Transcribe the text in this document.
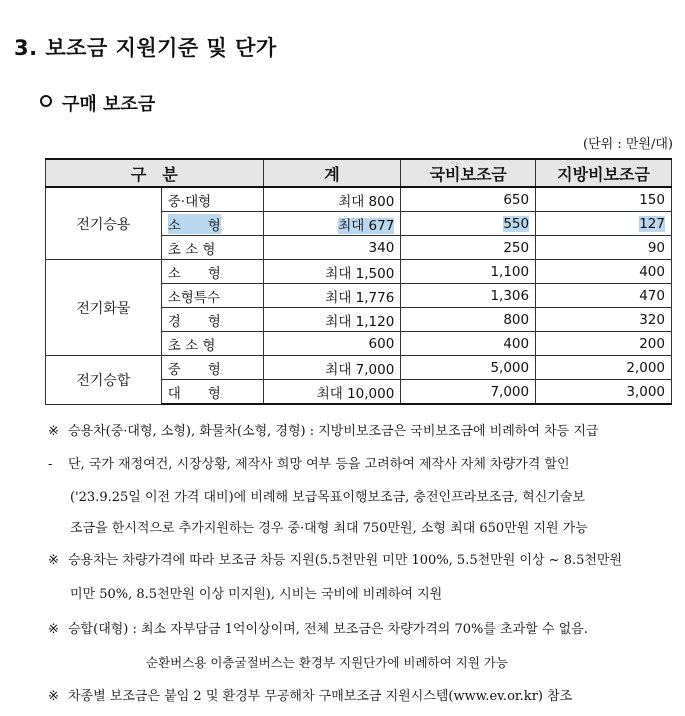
3. 보조금 지원기준 및 단가
구매 보조금
(단위 : 만원/대)
구　분		계	국비보조금	지방비보조금
전기승용	중·대형	최대 800	650	150
	소　　형	최대 677	550	127
	초 소 형	340	250	90
전기화물	소　　형	최대 1,500	1,100	400
	소형특수	최대 1,776	1,306	470
	경　　형	최대 1,120	800	320
	초 소 형	600	400	200
전기승합	중　　형	최대 7,000	5,000	2,000
	대　　형	최대 10,000	7,000	3,000
※ 승용차(중·대형, 소형), 화물차(소형, 경형) : 지방비보조금은 국비보조금에 비례하여 차등 지급
- 단, 국가 재정여건, 시장상황, 제작사 희망 여부 등을 고려하여 제작사 자체 차량가격 할인
('23.9.25일 이전 가격 대비)에 비례해 보급목표이행보조금, 충전인프라보조금, 혁신기술보
조금을 한시적으로 추가지원하는 경우 중·대형 최대 750만원, 소형 최대 650만원 지원 가능
※ 승용차는 차량가격에 따라 보조금 차등 지원(5.5천만원 미만 100%, 5.5천만원 이상 ~ 8.5천만원
미만 50%, 8.5천만원 이상 미지원), 시비는 국비에 비례하여 지원
※ 승합(대형) : 최소 자부담금 1억이상이며, 전체 보조금은 차량가격의 70%를 초과할 수 없음.
순환버스용 이층굴절버스는 환경부 지원단가에 비례하여 지원 가능
※ 차종별 보조금은 붙임 2 및 환경부 무공해차 구매보조금 지원시스템(www.ev.or.kr) 참조
